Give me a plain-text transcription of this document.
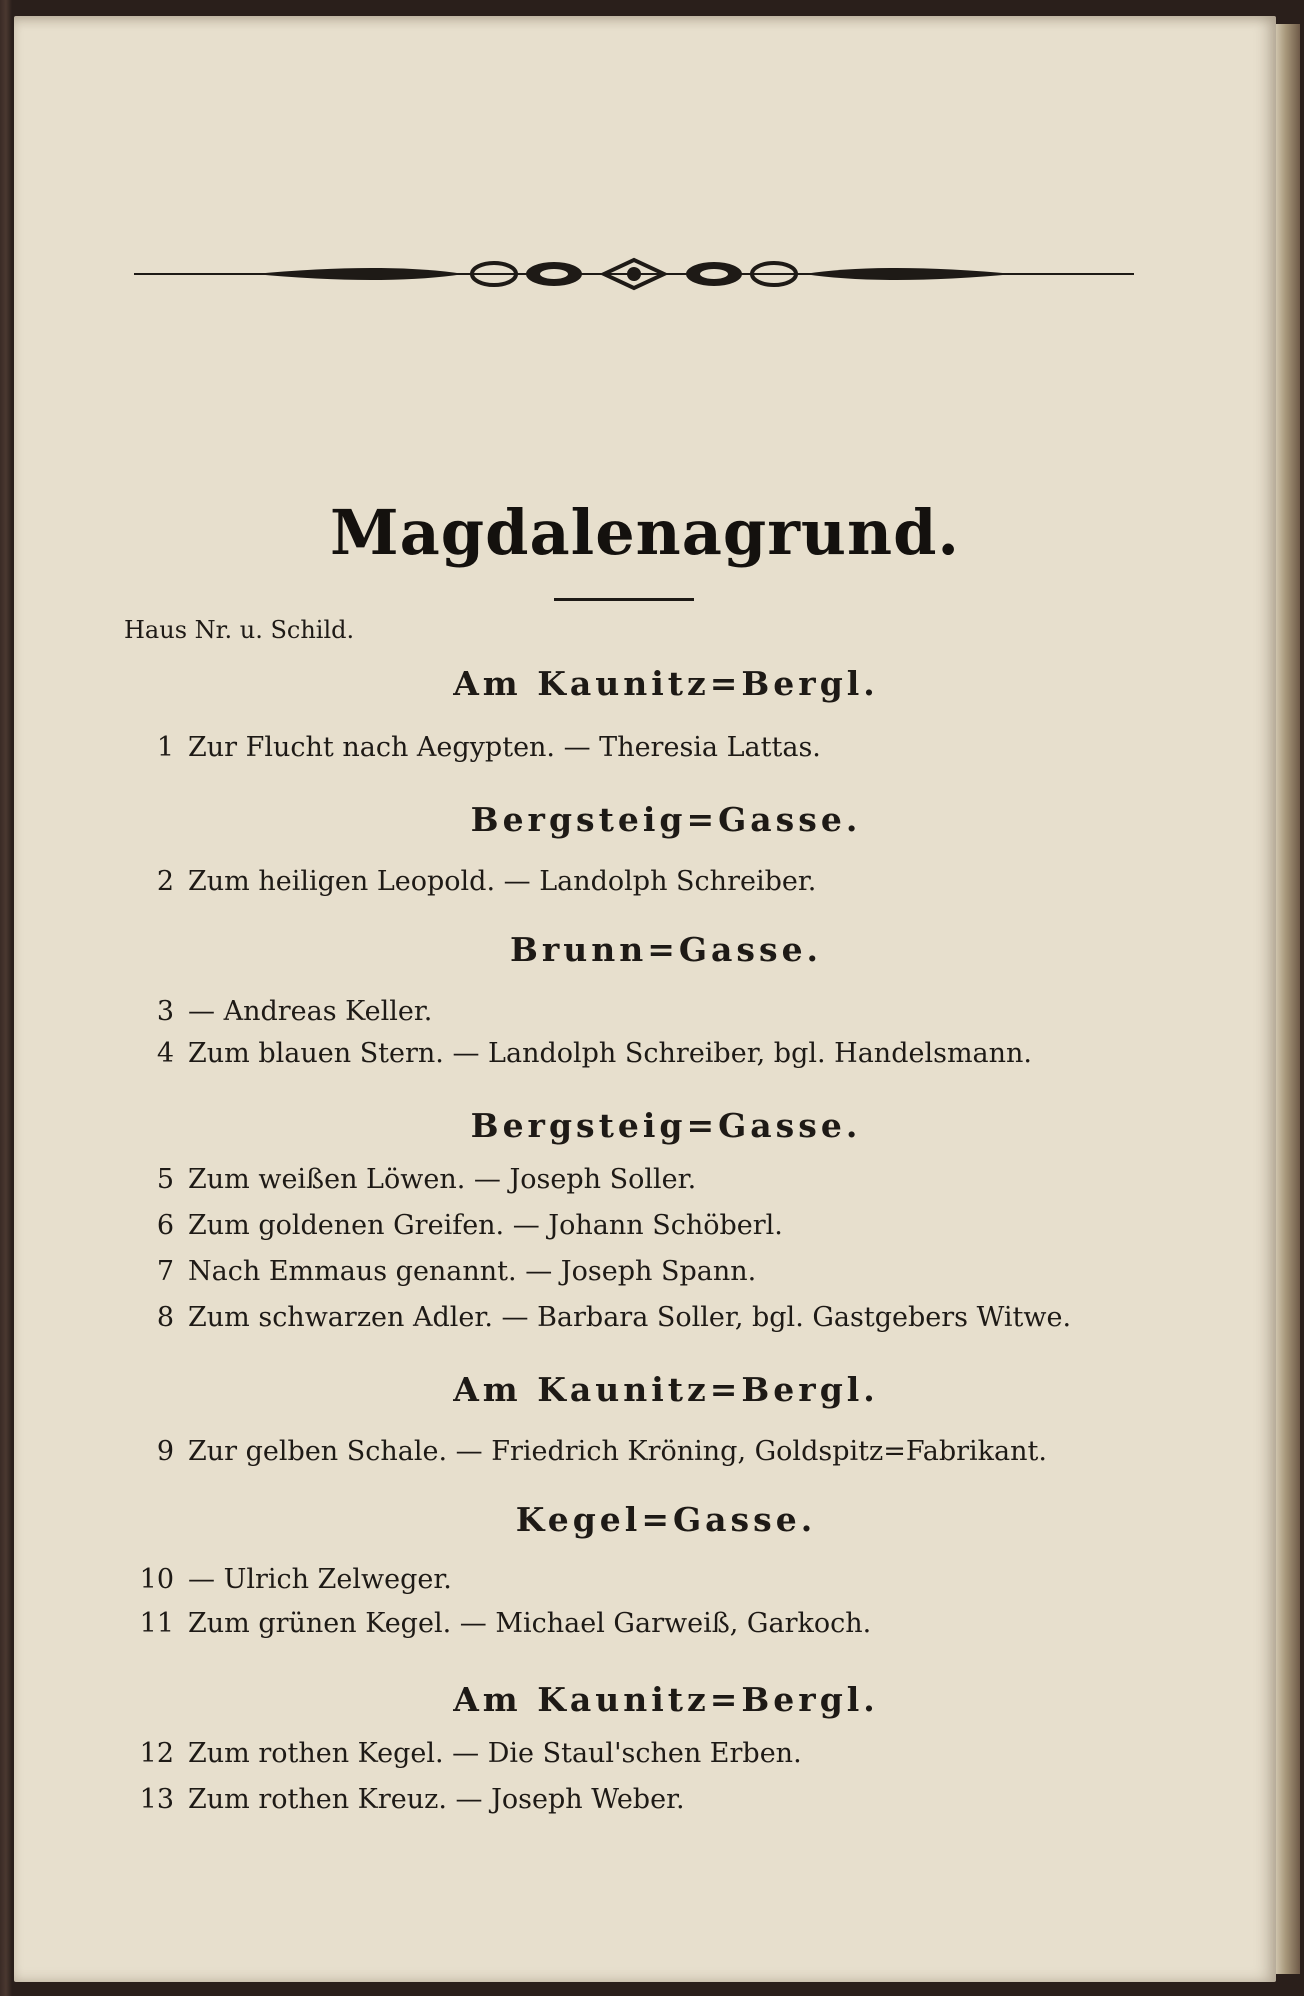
Magdalenagrund.
Haus Nr. u. Schild.
Am Kaunitz=Bergl.
1 Zur Flucht nach Aegypten. — Theresia Lattas.
Bergsteig=Gasse.
2 Zum heiligen Leopold. — Landolph Schreiber.
Brunn=Gasse.
3 — Andreas Keller.
4 Zum blauen Stern. — Landolph Schreiber, bgl. Handelsmann.
Bergsteig=Gasse.
5 Zum weißen Löwen. — Joseph Soller.
6 Zum goldenen Greifen. — Johann Schöberl.
7 Nach Emmaus genannt. — Joseph Spann.
8 Zum schwarzen Adler. — Barbara Soller, bgl. Gastgebers Witwe.
Am Kaunitz=Bergl.
9 Zur gelben Schale. — Friedrich Kröning, Goldspitz=Fabrikant.
Kegel=Gasse.
10 — Ulrich Zelweger.
11 Zum grünen Kegel. — Michael Garweiß, Garkoch.
Am Kaunitz=Bergl.
12 Zum rothen Kegel. — Die Staul'schen Erben.
13 Zum rothen Kreuz. — Joseph Weber.
